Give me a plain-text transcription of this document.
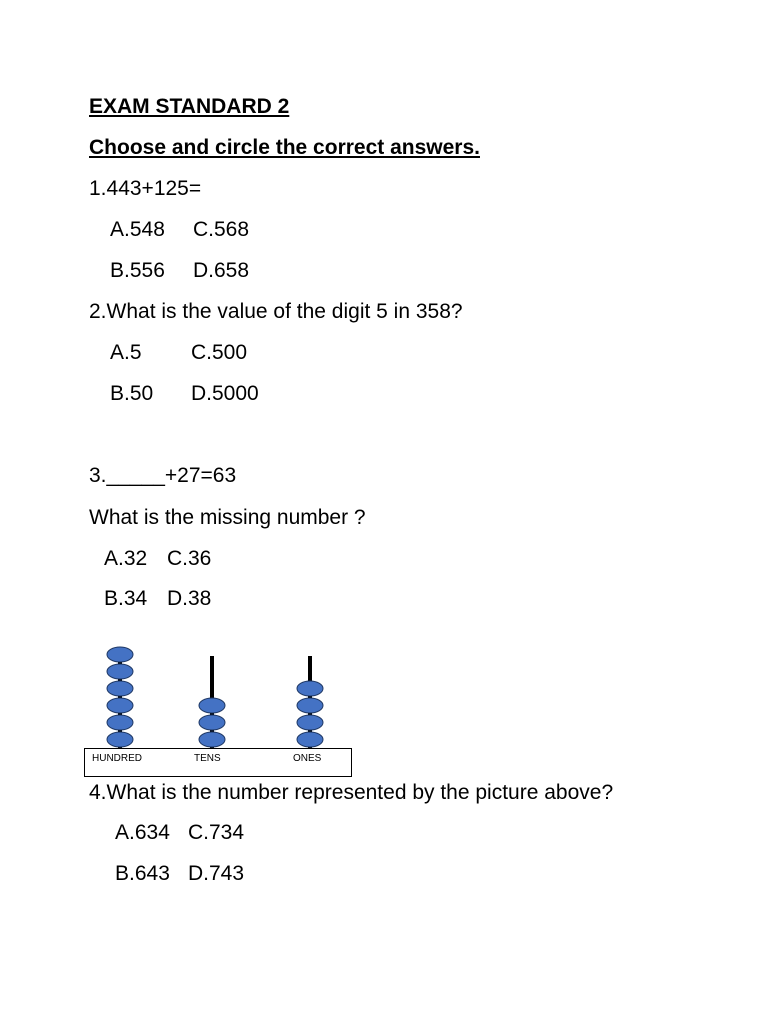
EXAM STANDARD 2
Choose and circle the correct answers.
1.443+125=
A.548 C.568
B.556 D.658
2.What is the value of the digit 5 in 358?
A.5 C.500
B.50 D.5000
3._____+27=63
What is the missing number ?
A.32 C.36
B.34 D.38
HUNDRED	TENS	ONES
4.What is the number represented by the picture above?
A.634 C.734
B.643 D.743
